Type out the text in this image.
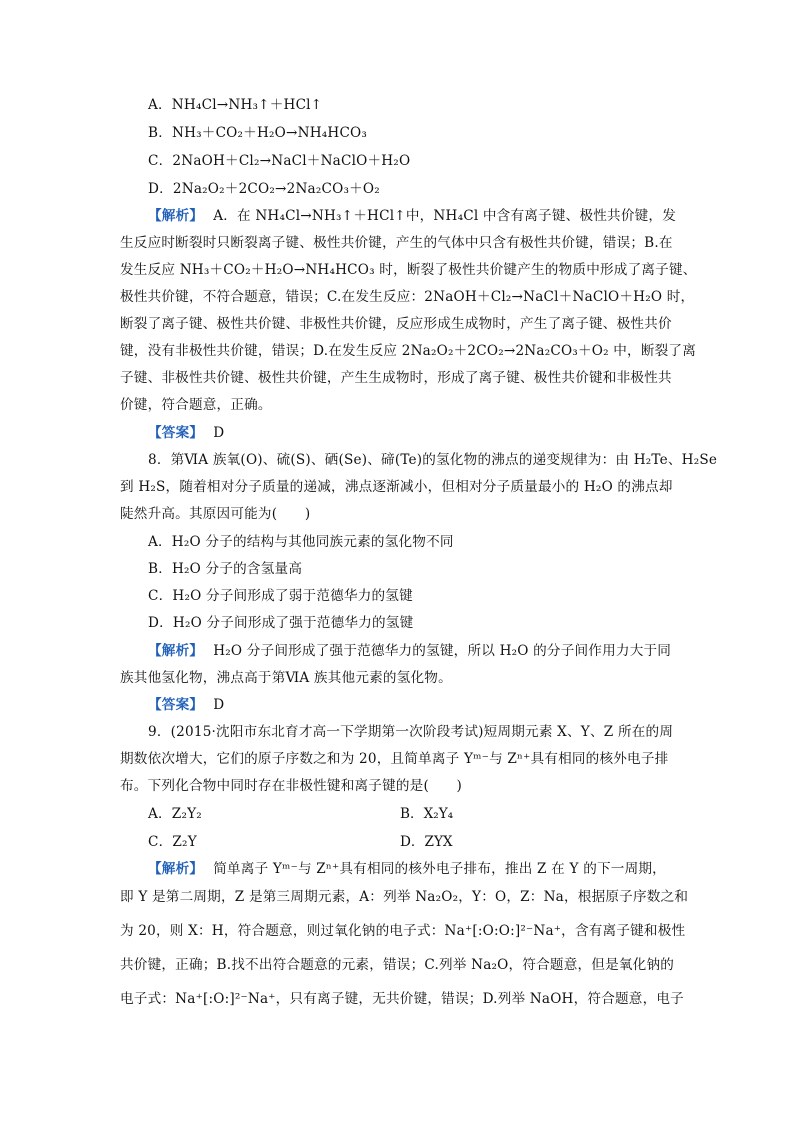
A．NH₄Cl→NH₃↑＋HCl↑
B．NH₃＋CO₂＋H₂O→NH₄HCO₃
C．2NaOH＋Cl₂→NaCl＋NaClO＋H₂O
D．2Na₂O₂＋2CO₂→2Na₂CO₃＋O₂
【解析】 A．在 NH₄Cl→NH₃↑＋HCl↑中，NH₄Cl 中含有离子键、极性共价键，发
生反应时断裂时只断裂离子键、极性共价键，产生的气体中只含有极性共价键，错误；B.在
发生反应 NH₃＋CO₂＋H₂O→NH₄HCO₃ 时，断裂了极性共价键产生的物质中形成了离子键、
极性共价键，不符合题意，错误；C.在发生反应：2NaOH＋Cl₂→NaCl＋NaClO＋H₂O 时，
断裂了离子键、极性共价键、非极性共价键，反应形成生成物时，产生了离子键、极性共价
键，没有非极性共价键，错误；D.在发生反应 2Na₂O₂＋2CO₂→2Na₂CO₃＋O₂ 中，断裂了离
子键、非极性共价键、极性共价键，产生生成物时，形成了离子键、极性共价键和非极性共
价键，符合题意，正确。
【答案】 D
8．第ⅥA 族氧(O)、硫(S)、硒(Se)、碲(Te)的氢化物的沸点的递变规律为：由 H₂Te、H₂Se
到 H₂S，随着相对分子质量的递减，沸点逐渐减小，但相对分子质量最小的 H₂O 的沸点却
陡然升高。其原因可能为(　　)
A．H₂O 分子的结构与其他同族元素的氢化物不同
B．H₂O 分子的含氢量高
C．H₂O 分子间形成了弱于范德华力的氢键
D．H₂O 分子间形成了强于范德华力的氢键
【解析】 H₂O 分子间形成了强于范德华力的氢键，所以 H₂O 的分子间作用力大于同
族其他氢化物，沸点高于第ⅥA 族其他元素的氢化物。
【答案】 D
9．(2015·沈阳市东北育才高一下学期第一次阶段考试)短周期元素 X、Y、Z 所在的周
期数依次增大，它们的原子序数之和为 20，且简单离子 Yᵐ⁻与 Zⁿ⁺具有相同的核外电子排
布。下列化合物中同时存在非极性键和离子键的是(　　)
A．Z₂Y₂	B．X₂Y₄
C．Z₂Y	D．ZYX
【解析】 简单离子 Yᵐ⁻与 Zⁿ⁺具有相同的核外电子排布，推出 Z 在 Y 的下一周期，
即 Y 是第二周期，Z 是第三周期元素，A：列举 Na₂O₂，Y：O，Z：Na，根据原子序数之和
为 20，则 X：H，符合题意，则过氧化钠的电子式：Na⁺[:O:O:]²⁻Na⁺，含有离子键和极性
共价键，正确；B.找不出符合题意的元素，错误；C.列举 Na₂O，符合题意，但是氧化钠的
电子式：Na⁺[:O:]²⁻Na⁺，只有离子键，无共价键，错误；D.列举 NaOH，符合题意，电子
